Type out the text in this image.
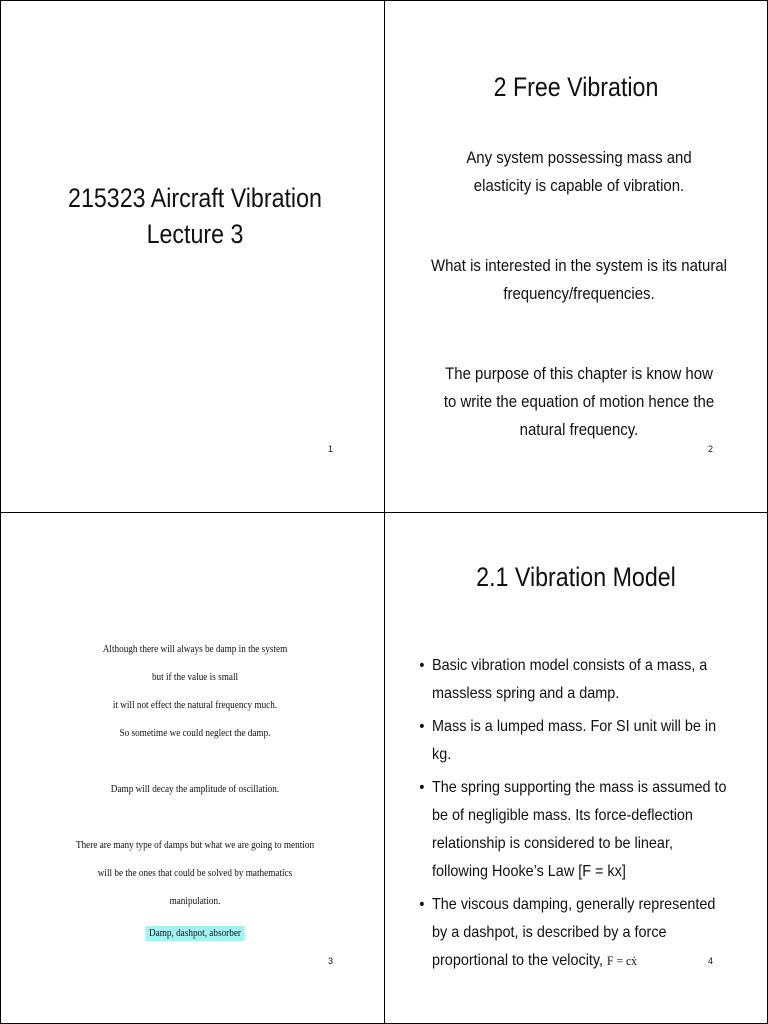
215323 Aircraft Vibration
Lecture 3
1
2 Free Vibration
Any system possessing mass and
elasticity is capable of vibration.
What is interested in the system is its natural
frequency/frequencies.
The purpose of this chapter is know how
to write the equation of motion hence the
natural frequency.
2
Although there will always be damp in the system
but if the value is small
it will not effect the natural frequency much.
So sometime we could neglect the damp.
Damp will decay the amplitude of oscillation.
There are many type of damps but what we are going to mention
will be the ones that could be solved by mathematics
manipulation.
Damp, dashpot, absorber
3
2.1 Vibration Model
• Basic vibration model consists of a mass, a massless spring and a damp.
• Mass is a lumped mass. For SI unit will be in kg.
• The spring supporting the mass is assumed to be of negligible mass. Its force-deflection relationship is considered to be linear, following Hooke’s Law [F = kx]
• The viscous damping, generally represented by a dashpot, is described by a force proportional to the velocity, F = cẋ	4
